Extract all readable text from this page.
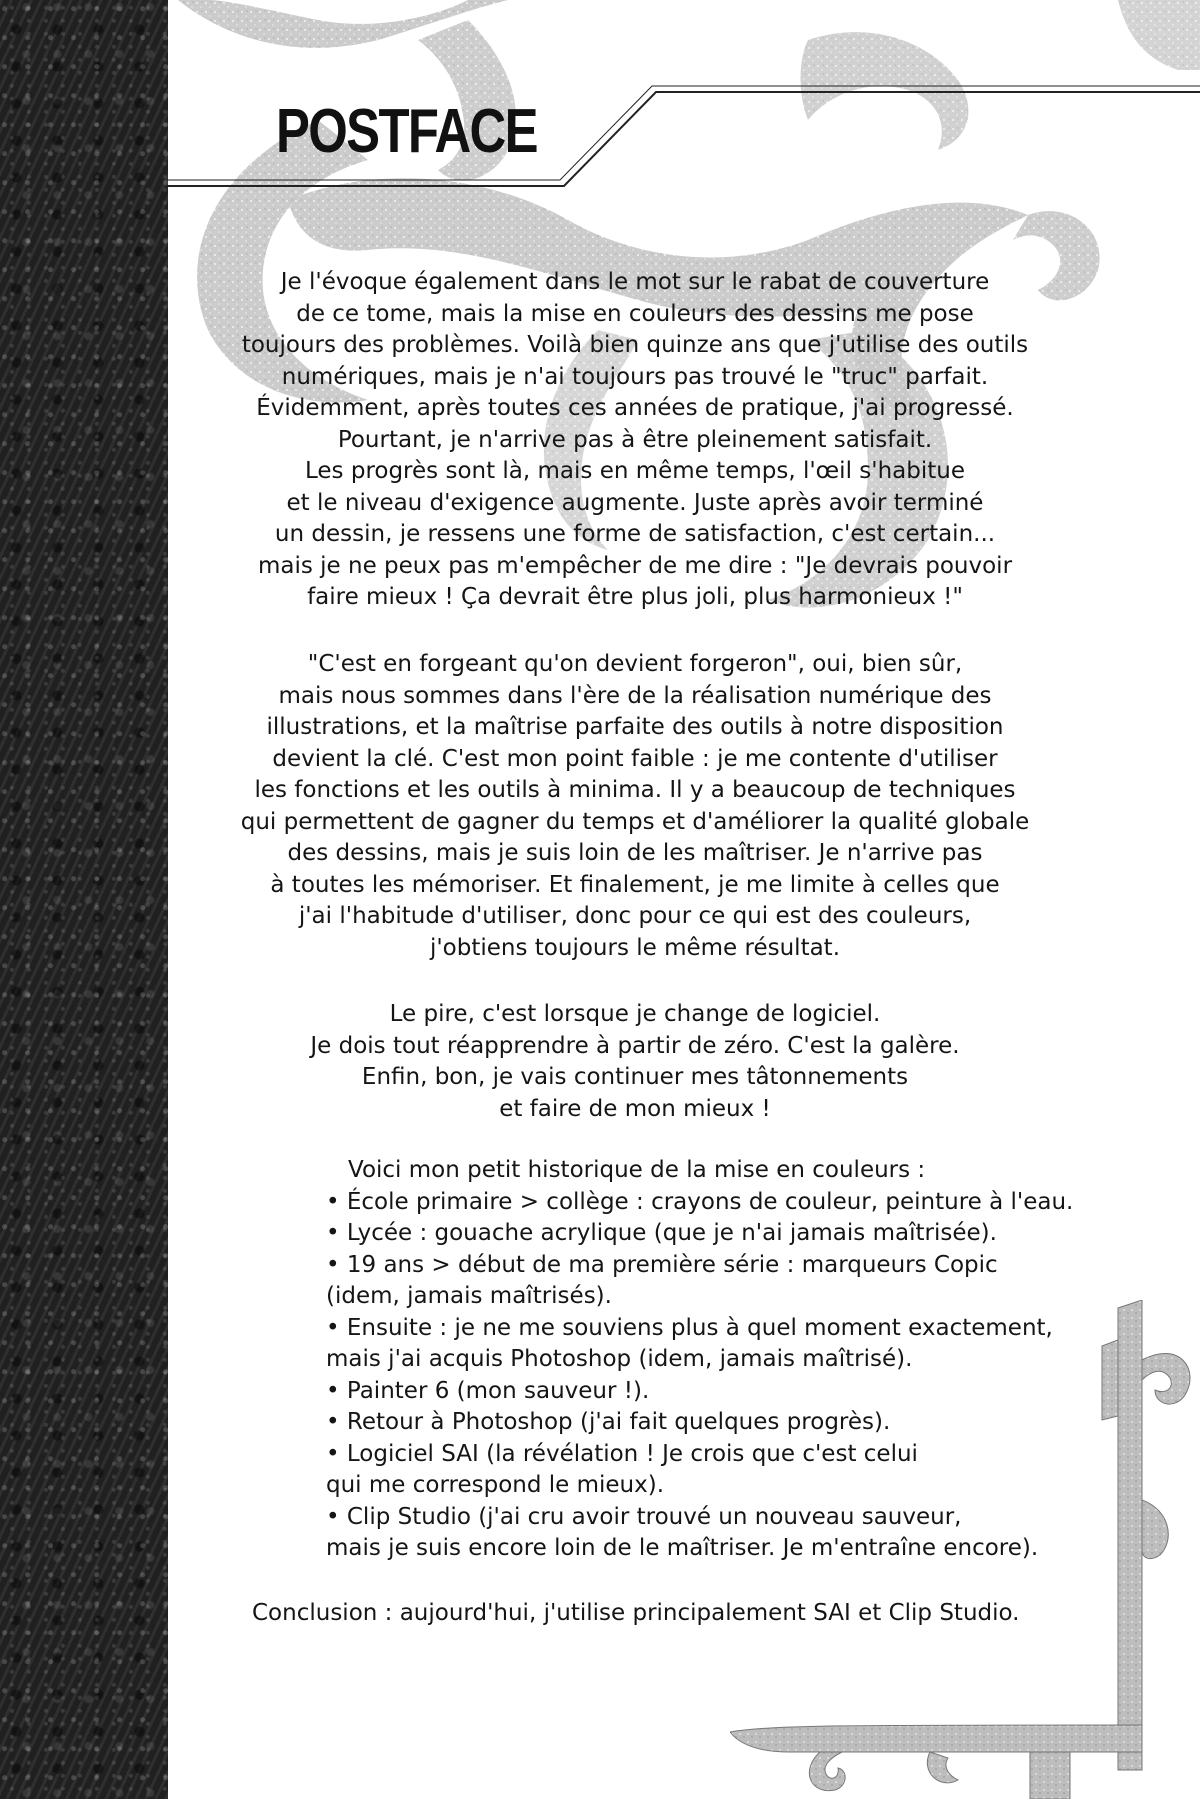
POSTFACE

Je l'évoque également dans le mot sur le rabat de couverture
de ce tome, mais la mise en couleurs des dessins me pose
toujours des problèmes. Voilà bien quinze ans que j'utilise des outils
numériques, mais je n'ai toujours pas trouvé le "truc" parfait.
Évidemment, après toutes ces années de pratique, j'ai progressé.
Pourtant, je n'arrive pas à être pleinement satisfait.
Les progrès sont là, mais en même temps, l'œil s'habitue
et le niveau d'exigence augmente. Juste après avoir terminé
un dessin, je ressens une forme de satisfaction, c'est certain...
mais je ne peux pas m'empêcher de me dire : "Je devrais pouvoir
faire mieux ! Ça devrait être plus joli, plus harmonieux !"

"C'est en forgeant qu'on devient forgeron", oui, bien sûr,
mais nous sommes dans l'ère de la réalisation numérique des
illustrations, et la maîtrise parfaite des outils à notre disposition
devient la clé. C'est mon point faible : je me contente d'utiliser
les fonctions et les outils à minima. Il y a beaucoup de techniques
qui permettent de gagner du temps et d'améliorer la qualité globale
des dessins, mais je suis loin de les maîtriser. Je n'arrive pas
à toutes les mémoriser. Et finalement, je me limite à celles que
j'ai l'habitude d'utiliser, donc pour ce qui est des couleurs,
j'obtiens toujours le même résultat.

Le pire, c'est lorsque je change de logiciel.
Je dois tout réapprendre à partir de zéro. C'est la galère.
Enfin, bon, je vais continuer mes tâtonnements
et faire de mon mieux !

Voici mon petit historique de la mise en couleurs :
• École primaire > collège : crayons de couleur, peinture à l'eau.
• Lycée : gouache acrylique (que je n'ai jamais maîtrisée).
• 19 ans > début de ma première série : marqueurs Copic
(idem, jamais maîtrisés).
• Ensuite : je ne me souviens plus à quel moment exactement,
mais j'ai acquis Photoshop (idem, jamais maîtrisé).
• Painter 6 (mon sauveur !).
• Retour à Photoshop (j'ai fait quelques progrès).
• Logiciel SAI (la révélation ! Je crois que c'est celui
qui me correspond le mieux).
• Clip Studio (j'ai cru avoir trouvé un nouveau sauveur,
mais je suis encore loin de le maîtriser. Je m'entraîne encore).

Conclusion : aujourd'hui, j'utilise principalement SAI et Clip Studio.
